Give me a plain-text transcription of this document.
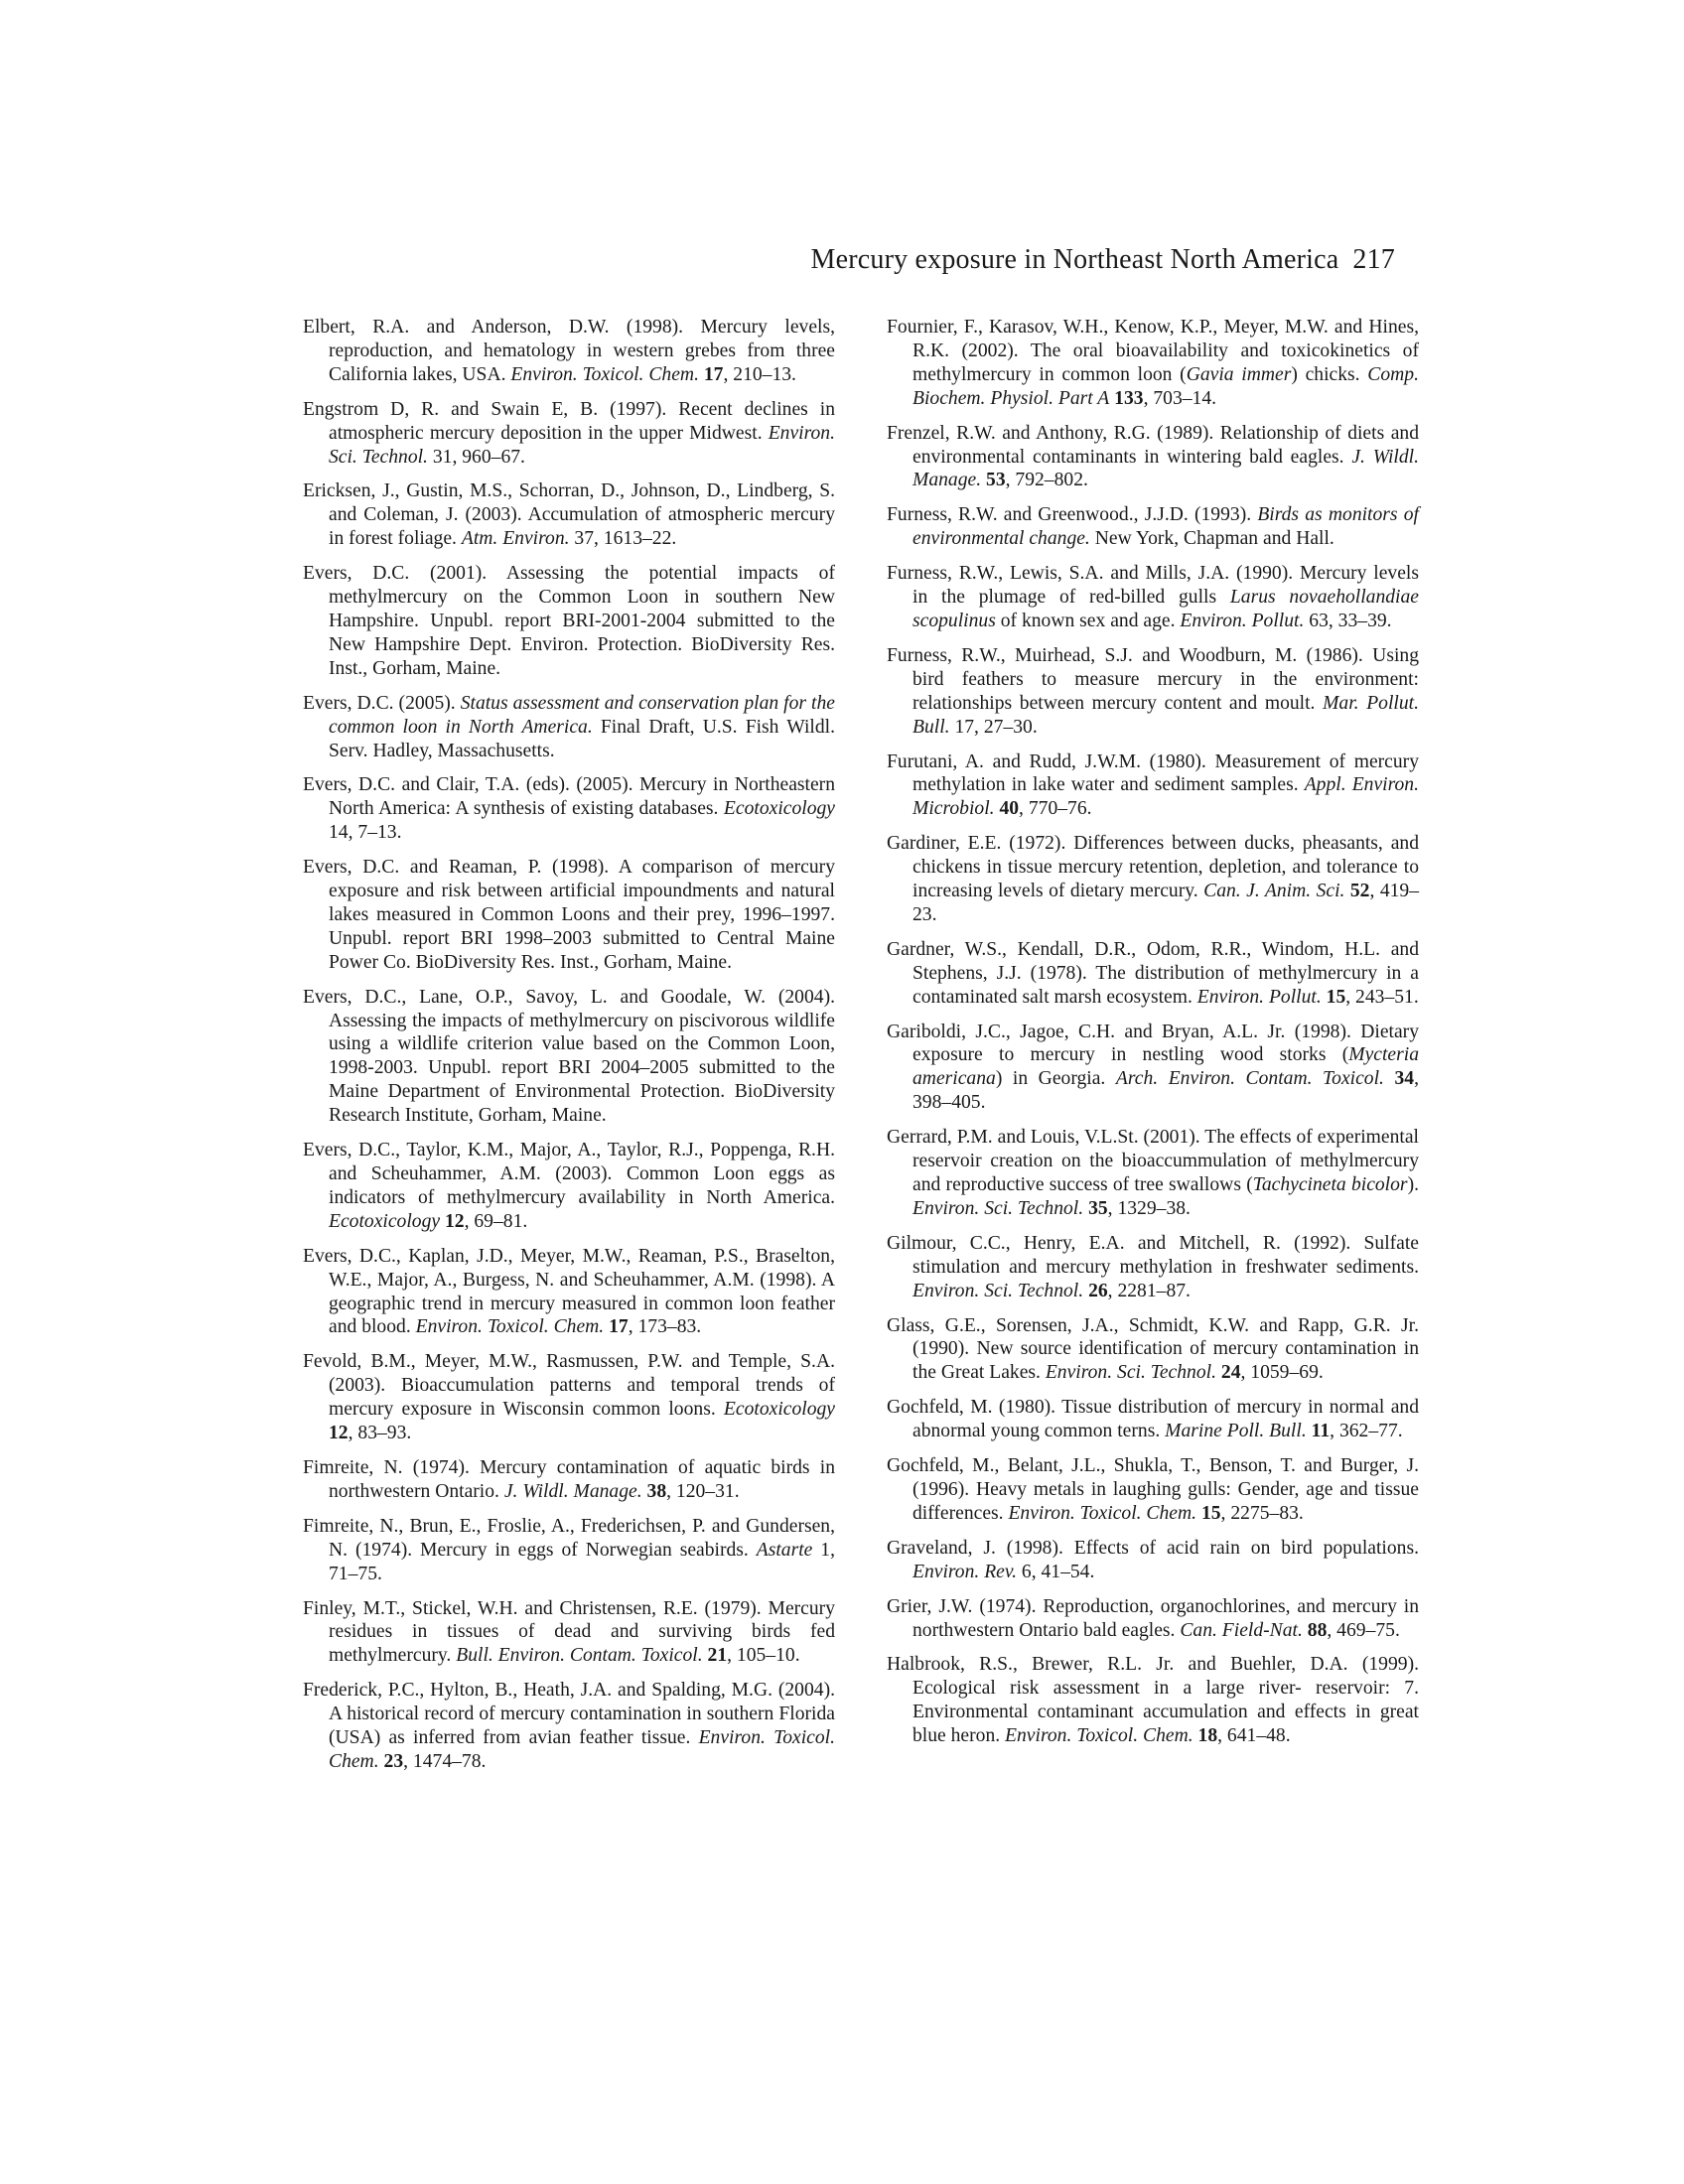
Mercury exposure in Northeast North America 217

Elbert, R.A. and Anderson, D.W. (1998). Mercury levels, reproduction, and hematology in western grebes from three California lakes, USA. Environ. Toxicol. Chem. 17, 210–13.

Engstrom D, R. and Swain E, B. (1997). Recent declines in atmospheric mercury deposition in the upper Midwest. Environ. Sci. Technol. 31, 960–67.

Ericksen, J., Gustin, M.S., Schorran, D., Johnson, D., Lindberg, S. and Coleman, J. (2003). Accumulation of atmospheric mercury in forest foliage. Atm. Environ. 37, 1613–22.

Evers, D.C. (2001). Assessing the potential impacts of methylmercury on the Common Loon in southern New Hampshire. Unpubl. report BRI-2001-2004 submitted to the New Hampshire Dept. Environ. Protection. BioDiversity Res. Inst., Gorham, Maine.

Evers, D.C. (2005). Status assessment and conservation plan for the common loon in North America. Final Draft, U.S. Fish Wildl. Serv. Hadley, Massachusetts.

Evers, D.C. and Clair, T.A. (eds). (2005). Mercury in Northeastern North America: A synthesis of existing databases. Ecotoxicology 14, 7–13.

Evers, D.C. and Reaman, P. (1998). A comparison of mercury exposure and risk between artificial impoundments and natural lakes measured in Common Loons and their prey, 1996–1997. Unpubl. report BRI 1998–2003 submitted to Central Maine Power Co. BioDiversity Res. Inst., Gorham, Maine.

Evers, D.C., Lane, O.P., Savoy, L. and Goodale, W. (2004). Assessing the impacts of methylmercury on piscivorous wildlife using a wildlife criterion value based on the Common Loon, 1998-2003. Unpubl. report BRI 2004–2005 submitted to the Maine Department of Environmental Protection. BioDiversity Research Institute, Gorham, Maine.

Evers, D.C., Taylor, K.M., Major, A., Taylor, R.J., Poppenga, R.H. and Scheuhammer, A.M. (2003). Common Loon eggs as indicators of methylmercury availability in North America. Ecotoxicology 12, 69–81.

Evers, D.C., Kaplan, J.D., Meyer, M.W., Reaman, P.S., Braselton, W.E., Major, A., Burgess, N. and Scheuhammer, A.M. (1998). A geographic trend in mercury measured in common loon feather and blood. Environ. Toxicol. Chem. 17, 173–83.

Fevold, B.M., Meyer, M.W., Rasmussen, P.W. and Temple, S.A. (2003). Bioaccumulation patterns and temporal trends of mercury exposure in Wisconsin common loons. Ecotoxicology 12, 83–93.

Fimreite, N. (1974). Mercury contamination of aquatic birds in northwestern Ontario. J. Wildl. Manage. 38, 120–31.

Fimreite, N., Brun, E., Froslie, A., Frederichsen, P. and Gundersen, N. (1974). Mercury in eggs of Norwegian seabirds. Astarte 1, 71–75.

Finley, M.T., Stickel, W.H. and Christensen, R.E. (1979). Mercury residues in tissues of dead and surviving birds fed methylmercury. Bull. Environ. Contam. Toxicol. 21, 105–10.

Frederick, P.C., Hylton, B., Heath, J.A. and Spalding, M.G. (2004). A historical record of mercury contamination in southern Florida (USA) as inferred from avian feather tissue. Environ. Toxicol. Chem. 23, 1474–78.

Fournier, F., Karasov, W.H., Kenow, K.P., Meyer, M.W. and Hines, R.K. (2002). The oral bioavailability and toxicokinetics of methylmercury in common loon (Gavia immer) chicks. Comp. Biochem. Physiol. Part A 133, 703–14.

Frenzel, R.W. and Anthony, R.G. (1989). Relationship of diets and environmental contaminants in wintering bald eagles. J. Wildl. Manage. 53, 792–802.

Furness, R.W. and Greenwood., J.J.D. (1993). Birds as monitors of environmental change. New York, Chapman and Hall.

Furness, R.W., Lewis, S.A. and Mills, J.A. (1990). Mercury levels in the plumage of red-billed gulls Larus novaehollandiae scopulinus of known sex and age. Environ. Pollut. 63, 33–39.

Furness, R.W., Muirhead, S.J. and Woodburn, M. (1986). Using bird feathers to measure mercury in the environment: relationships between mercury content and moult. Mar. Pollut. Bull. 17, 27–30.

Furutani, A. and Rudd, J.W.M. (1980). Measurement of mercury methylation in lake water and sediment samples. Appl. Environ. Microbiol. 40, 770–76.

Gardiner, E.E. (1972). Differences between ducks, pheasants, and chickens in tissue mercury retention, depletion, and tolerance to increasing levels of dietary mercury. Can. J. Anim. Sci. 52, 419–23.

Gardner, W.S., Kendall, D.R., Odom, R.R., Windom, H.L. and Stephens, J.J. (1978). The distribution of methylmercury in a contaminated salt marsh ecosystem. Environ. Pollut. 15, 243–51.

Gariboldi, J.C., Jagoe, C.H. and Bryan, A.L. Jr. (1998). Dietary exposure to mercury in nestling wood storks (Mycteria americana) in Georgia. Arch. Environ. Contam. Toxicol. 34, 398–405.

Gerrard, P.M. and Louis, V.L.St. (2001). The effects of experimental reservoir creation on the bioaccummulation of methylmercury and reproductive success of tree swallows (Tachycineta bicolor). Environ. Sci. Technol. 35, 1329–38.

Gilmour, C.C., Henry, E.A. and Mitchell, R. (1992). Sulfate stimulation and mercury methylation in freshwater sediments. Environ. Sci. Technol. 26, 2281–87.

Glass, G.E., Sorensen, J.A., Schmidt, K.W. and Rapp, G.R. Jr. (1990). New source identification of mercury contamination in the Great Lakes. Environ. Sci. Technol. 24, 1059–69.

Gochfeld, M. (1980). Tissue distribution of mercury in normal and abnormal young common terns. Marine Poll. Bull. 11, 362–77.

Gochfeld, M., Belant, J.L., Shukla, T., Benson, T. and Burger, J. (1996). Heavy metals in laughing gulls: Gender, age and tissue differences. Environ. Toxicol. Chem. 15, 2275–83.

Graveland, J. (1998). Effects of acid rain on bird populations. Environ. Rev. 6, 41–54.

Grier, J.W. (1974). Reproduction, organochlorines, and mercury in northwestern Ontario bald eagles. Can. Field-Nat. 88, 469–75.

Halbrook, R.S., Brewer, R.L. Jr. and Buehler, D.A. (1999). Ecological risk assessment in a large river- reservoir: 7. Environmental contaminant accumulation and effects in great blue heron. Environ. Toxicol. Chem. 18, 641–48.
